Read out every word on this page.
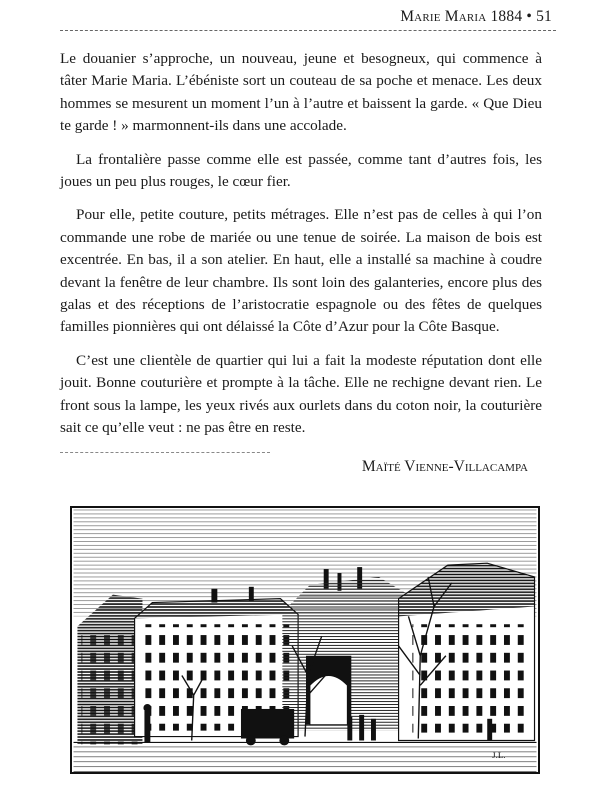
Marie Maria 1884 • 51

Le douanier s’approche, un nouveau, jeune et besogneux, qui commence à tâter Marie Maria. L’ébéniste sort un couteau de sa poche et menace. Les deux hommes se mesurent un moment l’un à l’autre et baissent la garde. « Que Dieu te garde ! » marmonnent-ils dans une accolade.

La frontalière passe comme elle est passée, comme tant d’autres fois, les joues un peu plus rouges, le cœur fier.

Pour elle, petite couture, petits métrages. Elle n’est pas de celles à qui l’on commande une robe de mariée ou une tenue de soirée. La maison de bois est excentrée. En bas, il a son atelier. En haut, elle a installé sa machine à coudre devant la fenêtre de leur chambre. Ils sont loin des galanteries, encore plus des galas et des réceptions de l’aristocratie espagnole ou des fêtes de quelques familles pionnières qui ont délaissé la Côte d’Azur pour la Côte Basque.

C’est une clientèle de quartier qui lui a fait la modeste réputation dont elle jouit. Bonne couturière et prompte à la tâche. Elle ne rechigne devant rien. Le front sous la lampe, les yeux rivés aux ourlets dans du coton noir, la couturière sait ce qu’elle veut : ne pas être en reste.

Maïté Vienne-Villacampa
J.L.
